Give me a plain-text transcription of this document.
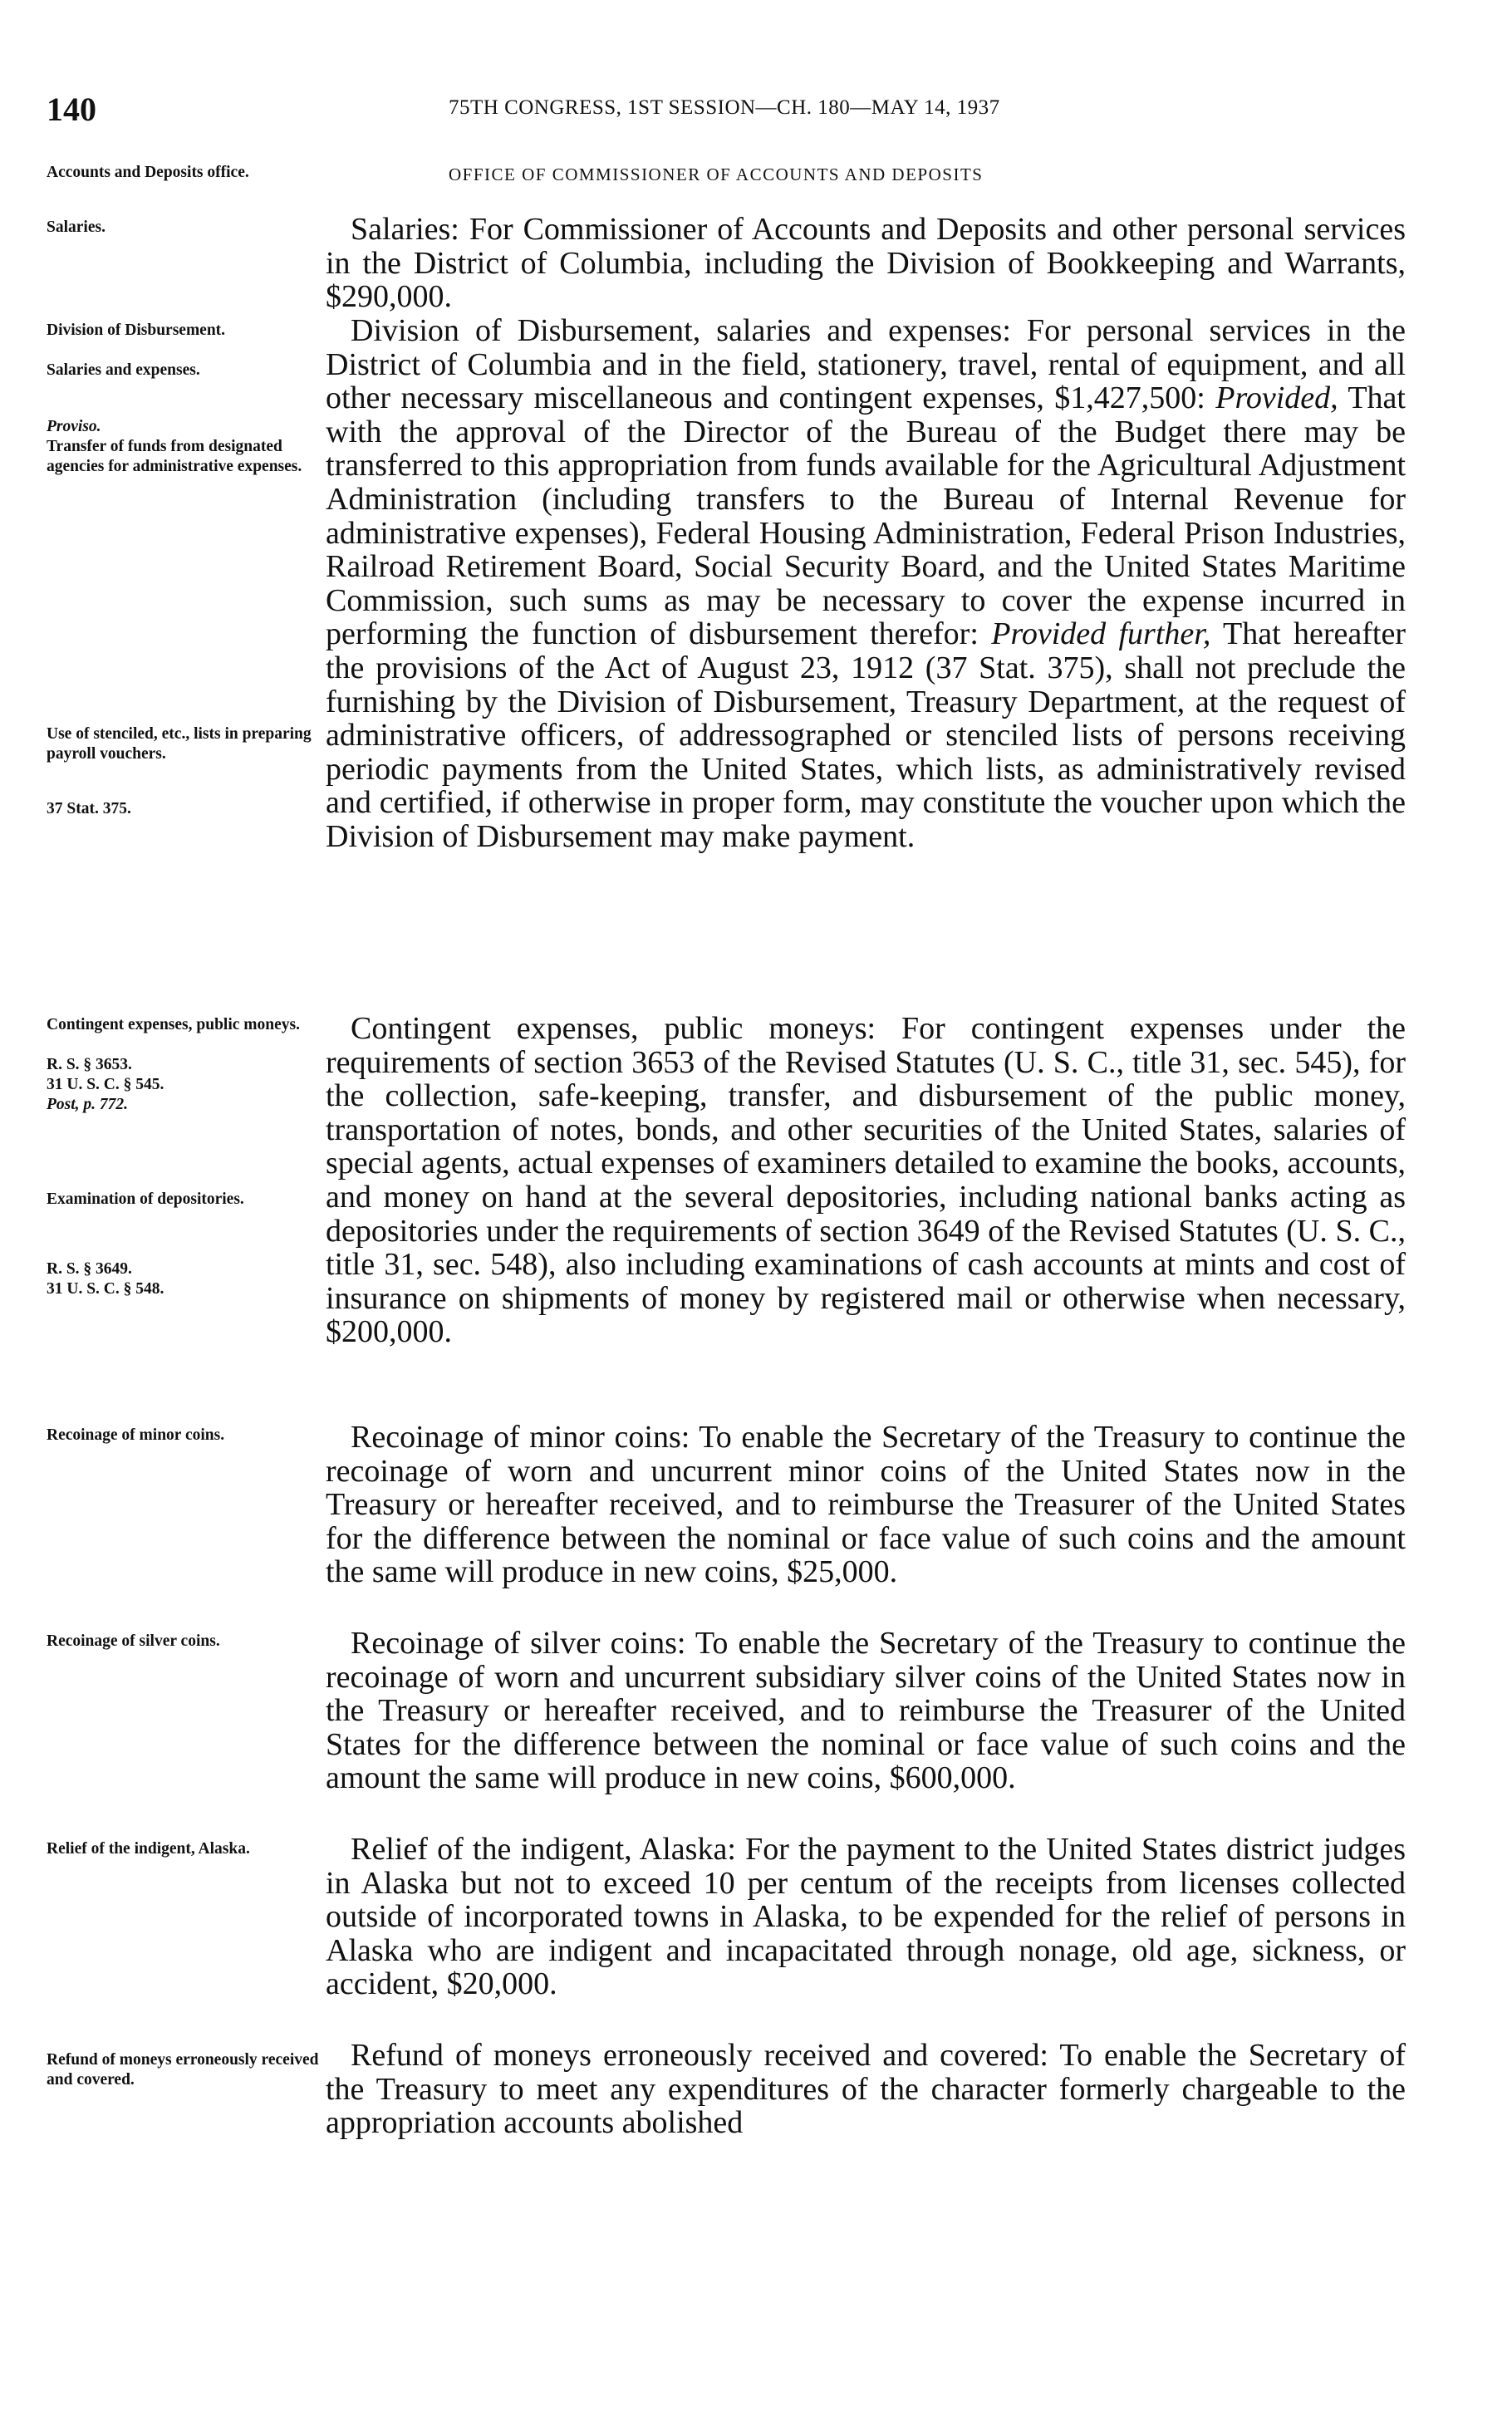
140	75TH CONGRESS, 1ST SESSION—CH. 180—MAY 14, 1937
OFFICE OF COMMISSIONER OF ACCOUNTS AND DEPOSITS
Accounts and Deposits office.
Salaries.
Division of Disbursement.
Salaries and expenses.
Proviso.
Transfer of funds from designated agencies for administrative expenses.
Use of stenciled, etc., lists in preparing payroll vouchers.
37 Stat. 375.
Contingent expenses, public moneys.
R. S. § 3653.
31 U. S. C. § 545.
Post, p. 772.
Examination of depositories.
R. S. § 3649.
31 U. S. C. § 548.
Recoinage of minor coins.
Recoinage of silver coins.
Relief of the indigent, Alaska.
Refund of moneys erroneously received and covered.
Salaries: For Commissioner of Accounts and Deposits and other personal services in the District of Columbia, including the Division of Bookkeeping and Warrants, $290,000.
Division of Disbursement, salaries and expenses: For personal services in the District of Columbia and in the field, stationery, travel, rental of equipment, and all other necessary miscellaneous and contingent expenses, $1,427,500: Provided, That with the approval of the Director of the Bureau of the Budget there may be transferred to this appropriation from funds available for the Agricultural Adjustment Administration (including transfers to the Bureau of Internal Revenue for administrative expenses), Federal Housing Administration, Federal Prison Industries, Railroad Retirement Board, Social Security Board, and the United States Maritime Commission, such sums as may be necessary to cover the expense incurred in performing the function of disbursement therefor: Provided further, That hereafter the provisions of the Act of August 23, 1912 (37 Stat. 375), shall not preclude the furnishing by the Division of Disbursement, Treasury Department, at the request of administrative officers, of addressographed or stenciled lists of persons receiving periodic payments from the United States, which lists, as administratively revised and certified, if otherwise in proper form, may constitute the voucher upon which the Division of Disbursement may make payment.
Contingent expenses, public moneys: For contingent expenses under the requirements of section 3653 of the Revised Statutes (U. S. C., title 31, sec. 545), for the collection, safe-keeping, transfer, and disbursement of the public money, transportation of notes, bonds, and other securities of the United States, salaries of special agents, actual expenses of examiners detailed to examine the books, accounts, and money on hand at the several depositories, including national banks acting as depositories under the requirements of section 3649 of the Revised Statutes (U. S. C., title 31, sec. 548), also including examinations of cash accounts at mints and cost of insurance on shipments of money by registered mail or otherwise when necessary, $200,000.
Recoinage of minor coins: To enable the Secretary of the Treasury to continue the recoinage of worn and uncurrent minor coins of the United States now in the Treasury or hereafter received, and to reimburse the Treasurer of the United States for the difference between the nominal or face value of such coins and the amount the same will produce in new coins, $25,000.
Recoinage of silver coins: To enable the Secretary of the Treasury to continue the recoinage of worn and uncurrent subsidiary silver coins of the United States now in the Treasury or hereafter received, and to reimburse the Treasurer of the United States for the difference between the nominal or face value of such coins and the amount the same will produce in new coins, $600,000.
Relief of the indigent, Alaska: For the payment to the United States district judges in Alaska but not to exceed 10 per centum of the receipts from licenses collected outside of incorporated towns in Alaska, to be expended for the relief of persons in Alaska who are indigent and incapacitated through nonage, old age, sickness, or accident, $20,000.
Refund of moneys erroneously received and covered: To enable the Secretary of the Treasury to meet any expenditures of the character formerly chargeable to the appropriation accounts abolished
